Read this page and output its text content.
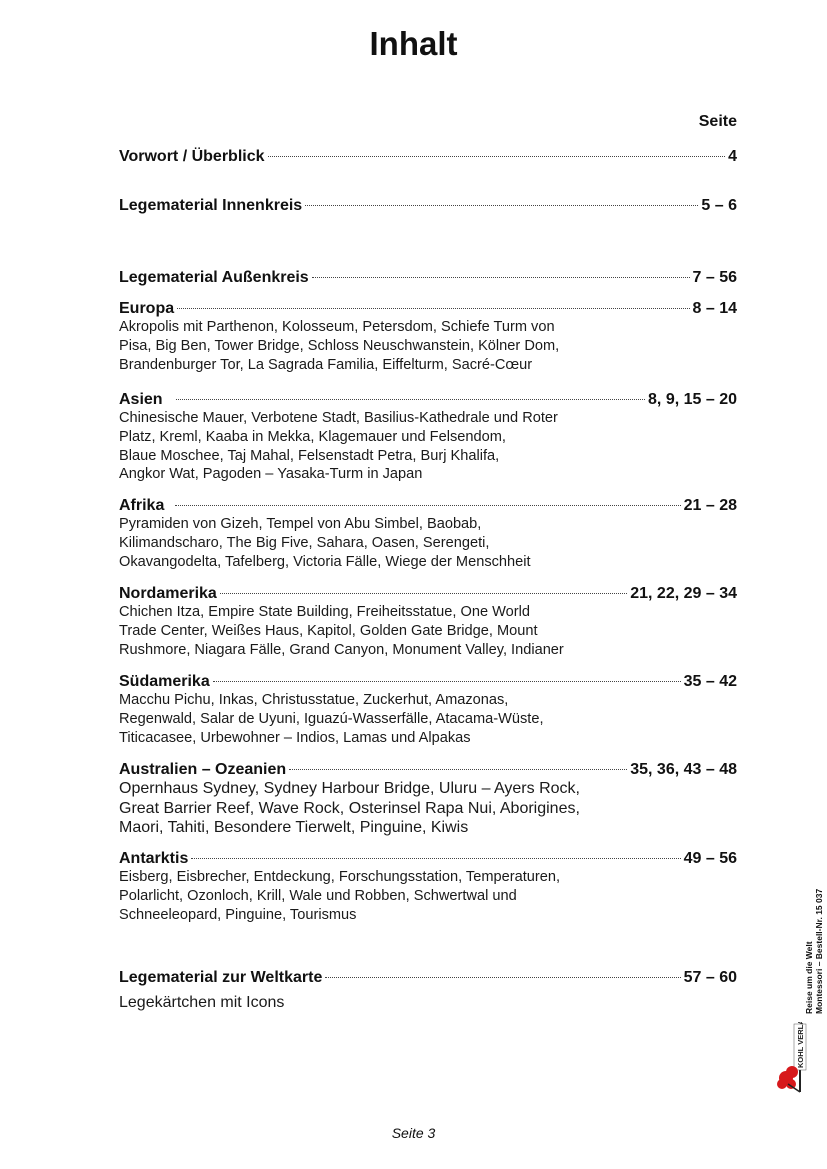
Inhalt
Seite
Vorwort / Überblick	4
Legematerial Innenkreis	5 – 6
Legematerial Außenkreis	7 – 56
Europa	8 – 14
Akropolis mit Parthenon, Kolosseum, Petersdom, Schiefe Turm von
Pisa, Big Ben, Tower Bridge, Schloss Neuschwanstein, Kölner Dom,
Brandenburger Tor, La Sagrada Familia, Eiffelturm, Sacré-Cœur
Asien	8, 9, 15 – 20
Chinesische Mauer, Verbotene Stadt, Basilius-Kathedrale und Roter
Platz, Kreml, Kaaba in Mekka, Klagemauer und Felsendom,
Blaue Moschee, Taj Mahal, Felsenstadt Petra, Burj Khalifa,
Angkor Wat, Pagoden – Yasaka-Turm in Japan
Afrika	21 – 28
Pyramiden von Gizeh, Tempel von Abu Simbel, Baobab,
Kilimandscharo, The Big Five, Sahara, Oasen, Serengeti,
Okavangodelta, Tafelberg, Victoria Fälle, Wiege der Menschheit
Nordamerika	21, 22, 29 – 34
Chichen Itza, Empire State Building, Freiheitsstatue, One World
Trade Center, Weißes Haus, Kapitol, Golden Gate Bridge, Mount
Rushmore, Niagara Fälle, Grand Canyon, Monument Valley, Indianer
Südamerika	35 – 42
Macchu Pichu, Inkas, Christusstatue, Zuckerhut, Amazonas,
Regenwald, Salar de Uyuni, Iguazú-Wasserfälle, Atacama-Wüste,
Titicacasee, Urbewohner – Indios, Lamas und Alpakas
Australien – Ozeanien	35, 36, 43 – 48
Opernhaus Sydney, Sydney Harbour Bridge, Uluru – Ayers Rock,
Great Barrier Reef, Wave Rock, Osterinsel Rapa Nui, Aborigines,
Maori, Tahiti, Besondere Tierwelt, Pinguine, Kiwis
Antarktis	49 – 56
Eisberg, Eisbrecher, Entdeckung, Forschungsstation, Temperaturen,
Polarlicht, Ozonloch, Krill, Wale und Robben, Schwertwal und
Schneeleopard, Pinguine, Tourismus
Legematerial zur Weltkarte	57 – 60
Legekärtchen mit Icons	Reise um die Welt Montessori – Bestell-Nr. 15 037
KOHL VERLAG
Seite 3
